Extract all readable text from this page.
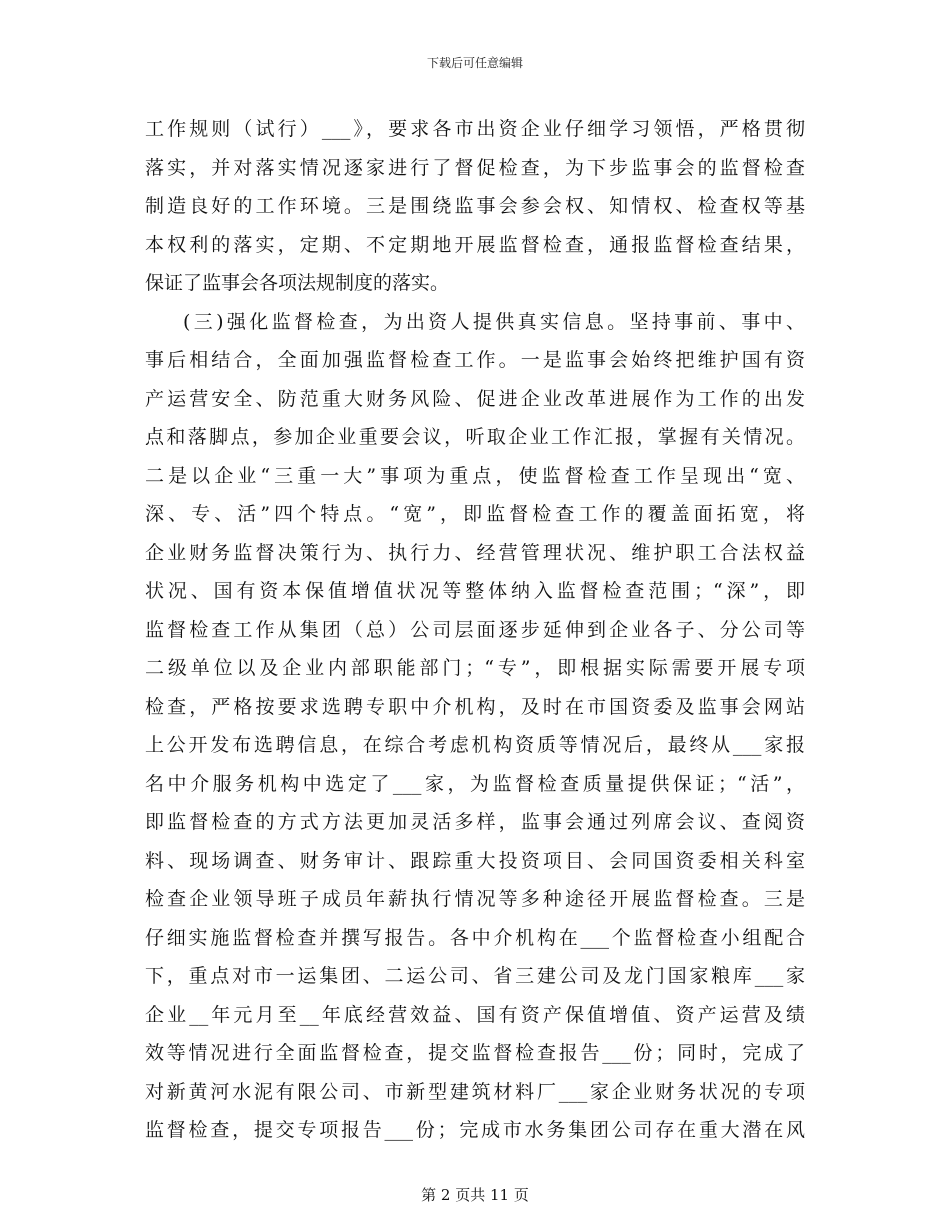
下载后可任意编辑
工作规则（试行）___》，要求各市出资企业仔细学习领悟，严格贯彻
落实，并对落实情况逐家进行了督促检查，为下步监事会的监督检查
制造良好的工作环境。三是围绕监事会参会权、知情权、检查权等基
本权利的落实，定期、不定期地开展监督检查，通报监督检查结果，
保证了监事会各项法规制度的落实。
(三)强化监督检查，为出资人提供真实信息。坚持事前、事中、
事后相结合，全面加强监督检查工作。一是监事会始终把维护国有资
产运营安全、防范重大财务风险、促进企业改革进展作为工作的出发
点和落脚点，参加企业重要会议，听取企业工作汇报，掌握有关情况。
二是以企业“三重一大”事项为重点，使监督检查工作呈现出“宽、
深、专、活”四个特点。“宽”，即监督检查工作的覆盖面拓宽，将
企业财务监督决策行为、执行力、经营管理状况、维护职工合法权益
状况、国有资本保值增值状况等整体纳入监督检查范围；“深”，即
监督检查工作从集团（总）公司层面逐步延伸到企业各子、分公司等
二级单位以及企业内部职能部门；“专”，即根据实际需要开展专项
检查，严格按要求选聘专职中介机构，及时在市国资委及监事会网站
上公开发布选聘信息，在综合考虑机构资质等情况后，最终从___家报
名中介服务机构中选定了___家，为监督检查质量提供保证；“活”，
即监督检查的方式方法更加灵活多样，监事会通过列席会议、查阅资
料、现场调查、财务审计、跟踪重大投资项目、会同国资委相关科室
检查企业领导班子成员年薪执行情况等多种途径开展监督检查。三是
仔细实施监督检查并撰写报告。各中介机构在___个监督检查小组配合
下，重点对市一运集团、二运公司、省三建公司及龙门国家粮库___家
企业__年元月至__年底经营效益、国有资产保值增值、资产运营及绩
效等情况进行全面监督检查，提交监督检查报告___份；同时，完成了
对新黄河水泥有限公司、市新型建筑材料厂___家企业财务状况的专项
监督检查，提交专项报告___份；完成市水务集团公司存在重大潜在风
第 2 页共 11 页
